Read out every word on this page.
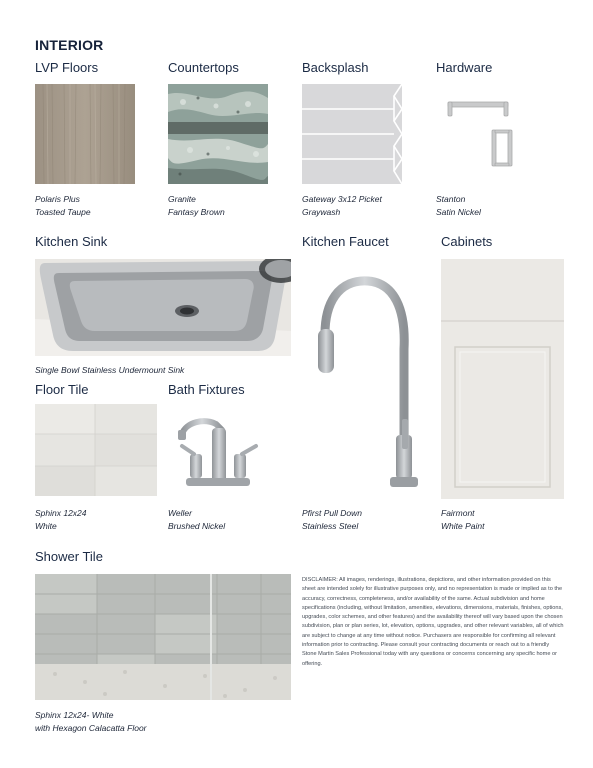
INTERIOR
LVP Floors
Polaris Plus
Toasted Taupe
Countertops
Granite
Fantasy Brown
Backsplash
Gateway 3x12 Picket
Graywash
Hardware
Stanton
Satin Nickel
Kitchen Sink
Single Bowl Stainless Undermount Sink
Kitchen Faucet
Pfirst Pull Down
Stainless Steel
Cabinets
Fairmont
White Paint
Floor Tile
Sphinx 12x24
White
Bath Fixtures
Weller
Brushed Nickel
Shower Tile
Sphinx 12x24- White
with Hexagon Calacatta Floor
DISCLAIMER: All images, renderings, illustrations, depictions, and other information provided on this sheet are intended solely for illustrative purposes only, and no representation is made or implied as to the accuracy, correctness, completeness, and/or availability of the same. Actual subdivision and home specifications (including, without limitation, amenities, elevations, dimensions, materials, finishes, options, upgrades, color schemes, and other features) and the availability thereof will vary based upon the chosen subdivision, plan or plan series, lot, elevation, options, upgrades, and other relevant variables, all of which are subject to change at any time without notice. Purchasers are responsible for confirming all relevant information prior to contracting. Please consult your contracting documents or reach out to a friendly Stone Martin Sales Professional today with any questions or concerns concerning any specific home or offering.
